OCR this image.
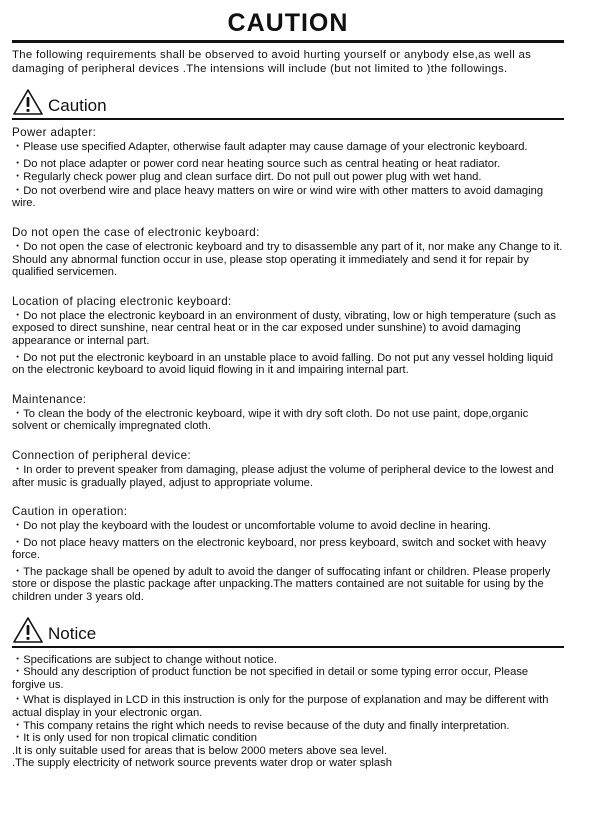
CAUTION
The following requirements shall be observed to avoid hurting yourself or anybody else,as well as damaging of peripheral devices .The intensions will include (but not limited to )the followings.
Caution
Power adapter:
・Please use specified Adapter, otherwise fault adapter may cause damage of your electronic keyboard.
・Do not place adapter or power cord near heating source such as central heating or heat radiator.
・Regularly check power plug and clean surface dirt. Do not pull out power plug with wet hand.
・Do not overbend wire and place heavy matters on wire or wind wire with other matters to avoid damaging wire.
Do not open the case of electronic keyboard:
・Do not open the case of electronic keyboard and try to disassemble any part of it, nor make any Change to it. Should any abnormal function occur in use, please stop operating it immediately and send it for repair by qualified servicemen.
Location of placing electronic keyboard:
・Do not place the electronic keyboard in an environment of dusty, vibrating, low or high temperature (such as exposed to direct sunshine, near central heat or in the car exposed under sunshine) to avoid damaging appearance or internal part.
・Do not put the electronic keyboard in an unstable place to avoid falling. Do not put any vessel holding liquid on the electronic keyboard to avoid liquid flowing in it and impairing internal part.
Maintenance:
・To clean the body of the electronic keyboard, wipe it with dry soft cloth. Do not use paint, dope,organic solvent or chemically impregnated cloth.
Connection of peripheral device:
・In order to prevent speaker from damaging, please adjust the volume of peripheral device to the lowest and after music is gradually played, adjust to appropriate volume.
Caution in operation:
・Do not play the keyboard with the loudest or uncomfortable volume to avoid decline in hearing.
・Do not place heavy matters on the electronic keyboard, nor press keyboard, switch and socket with heavy force.
・The package shall be opened by adult to avoid the danger of suffocating infant or children. Please properly store or dispose the plastic package after unpacking.The matters contained are not suitable for using by the children under 3 years old.
Notice
・Specifications are subject to change without notice.
・Should any description of product function be not specified in detail or some typing error occur, Please forgive us.
・What is displayed in LCD in this instruction is only for the purpose of explanation and may be different with actual display in your electronic organ.
・This company retains the right which needs to revise because of the duty and finally interpretation.
・It is only used for non tropical climatic condition
.It is only suitable used for areas that is below 2000 meters above sea level.
.The supply electricity of network source prevents water drop or water splash
